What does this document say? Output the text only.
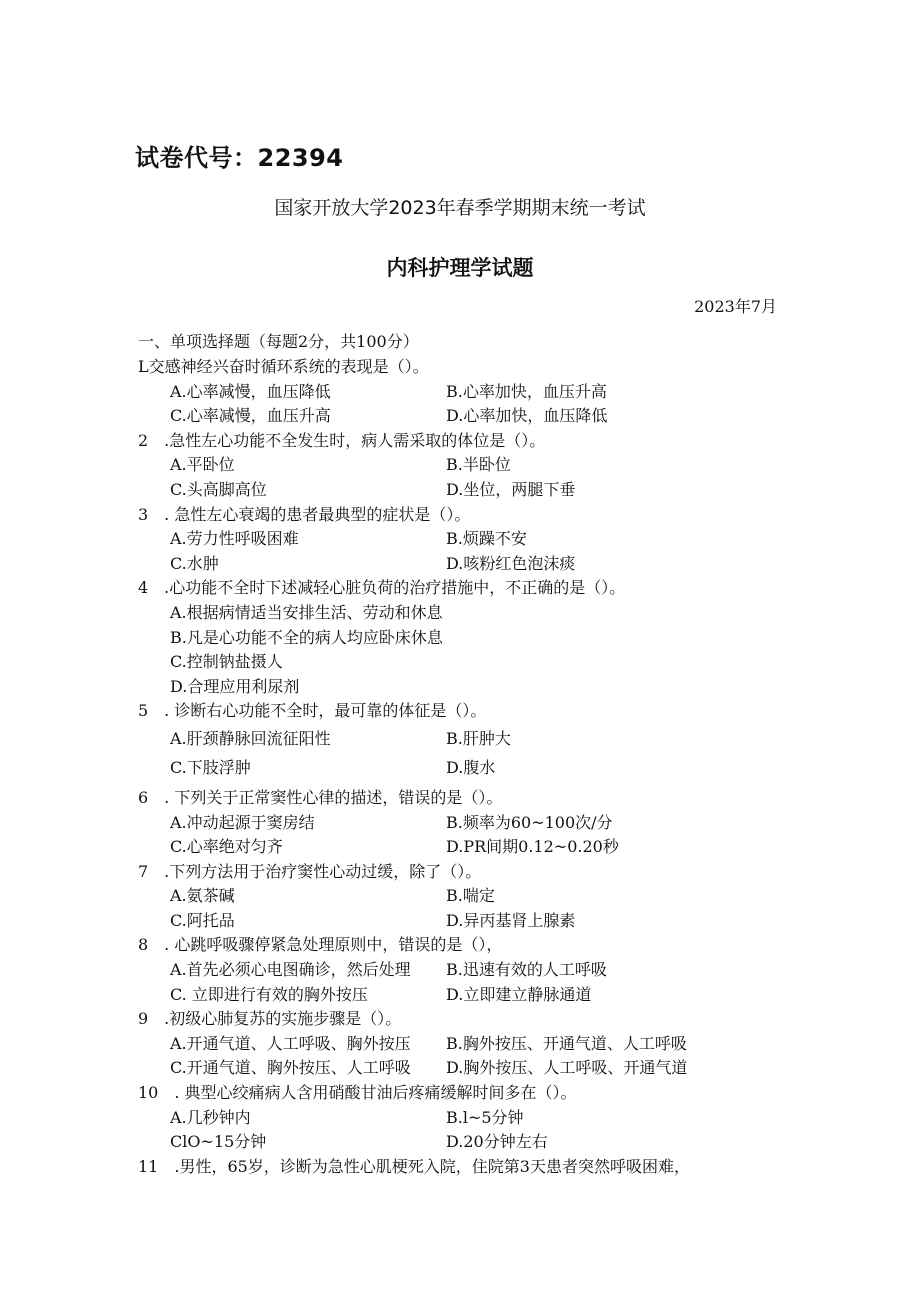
试卷代号：22394
国家开放大学2023年春季学期期末统一考试
内科护理学试题
2023年7月
一、单项选择题（每题2分，共100分）
L交感神经兴奋时循环系统的表现是（）。
A.心率减慢，血压降低	B.心率加快，血压升高
C.心率减慢，血压升高	D.心率加快，血压降低
2　.急性左心功能不全发生时，病人需采取的体位是（）。
A.平卧位	B.半卧位
C.头高脚高位	D.坐位，两腿下垂
3　. 急性左心衰竭的患者最典型的症状是（）。
A.劳力性呼吸困难	B.烦躁不安
C.水肿	D.咳粉红色泡沫痰
4　.心功能不全时下述减轻心脏负荷的治疗措施中，不正确的是（）。
A.根据病情适当安排生活、劳动和休息
B.凡是心功能不全的病人均应卧床休息
C.控制钠盐摄人
D.合理应用利尿剂
5　. 诊断右心功能不全时，最可靠的体征是（）。
A.肝颈静脉回流征阳性	B.肝肿大
C.下肢浮肿	D.腹水
6　. 下列关于正常窦性心律的描述，错误的是（）。
A.冲动起源于窦房结	B.频率为60~100次/分
C.心率绝对匀齐	D.PR间期0.12~0.20秒
7　.下列方法用于治疗窦性心动过缓，除了（）。
A.氨茶碱	B.喘定
C.阿托品	D.异丙基肾上腺素
8　. 心跳呼吸骤停紧急处理原则中，错误的是（），
A.首先必须心电图确诊，然后处理	B.迅速有效的人工呼吸
C. 立即进行有效的胸外按压	D.立即建立静脉通道
9　.初级心肺复苏的实施步骤是（）。
A.开通气道、人工呼吸、胸外按压	B.胸外按压、开通气道、人工呼吸
C.开通气道、胸外按压、人工呼吸	D.胸外按压、人工呼吸、开通气道
10　. 典型心绞痛病人含用硝酸甘油后疼痛缓解时间多在（）。
A.几秒钟内	B.l~5分钟
ClO~15分钟	D.20分钟左右
11　.男性，65岁，诊断为急性心肌梗死入院，住院第3天患者突然呼吸困难，
